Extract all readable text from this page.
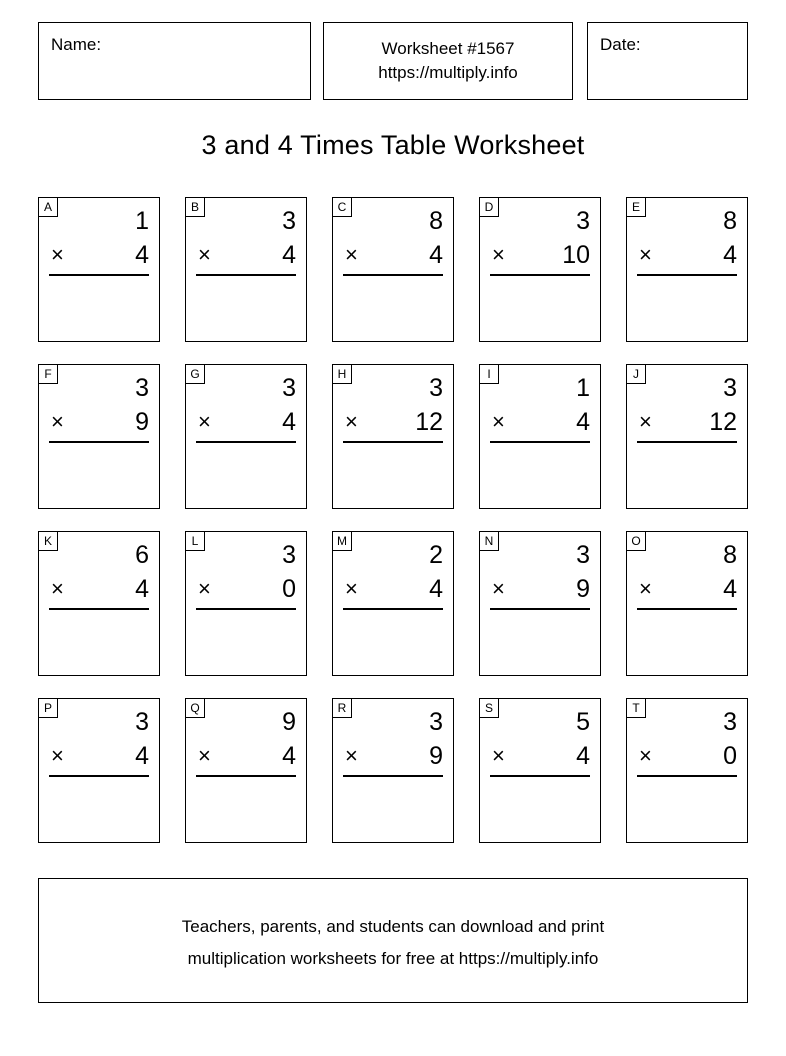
Name:	Worksheet #1567
https://multiply.info
Date:
3 and 4 Times Table Worksheet
A	1
×	4
B	3
×	4
C	8
×	4
D	3
× 10
E	8
×	4
F	3
×	9
G	3
×	4
H	3
× 12
I	1
×	4
J	3
× 12
K	6
×	4
L	3
×	0
M	2
×	4
N	3
×	9
O	8
×	4
P	3
×	4
Q	9
×	4
R	3
×	9
S	5
×	4
T	3
×	0
Teachers, parents, and students can download and print
multiplication worksheets for free at https://multiply.info
